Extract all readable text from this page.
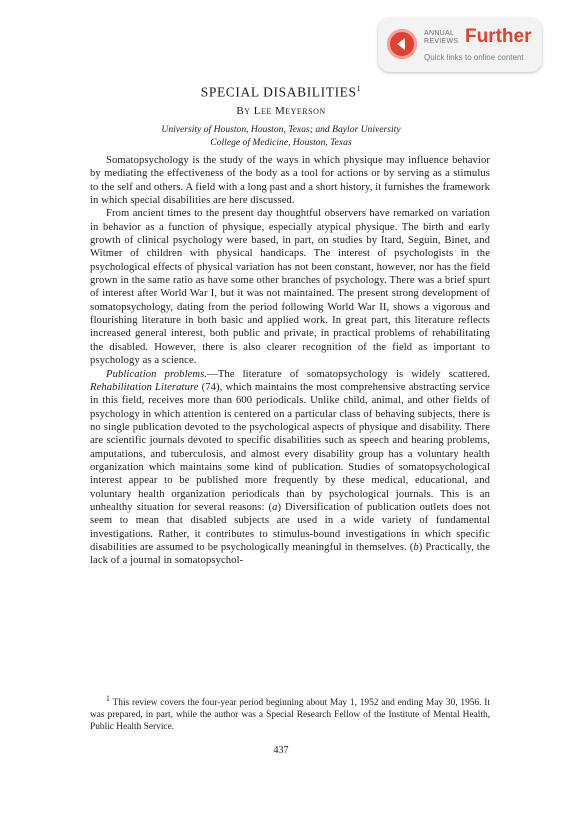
ANNUAL
REVIEWS Further
Quick links to online content
SPECIAL DISABILITIES$^1$
By Lee Meyerson
University of Houston, Houston, Texas; and Baylor University
College of Medicine, Houston, Texas

Somatopsychology is the study of the ways in which physique may influence behavior by mediating the effectiveness of the body as a tool for actions or by serving as a stimulus to the self and others. A field with a long past and a short history, it furnishes the framework in which special disabilities are here discussed.

From ancient times to the present day thoughtful observers have remarked on variation in behavior as a function of physique, especially atypical physique. The birth and early growth of clinical psychology were based, in part, on studies by Itard, Seguin, Binet, and Witmer of children with physical handicaps. The interest of psychologists in the psychological effects of physical variation has not been constant, however, nor has the field grown in the same ratio as have some other branches of psychology. There was a brief spurt of interest after World War I, but it was not maintained. The present strong development of somatopsychology, dating from the period following World War II, shows a vigorous and flourishing literature in both basic and applied work. In great part, this literature reflects increased general interest, both public and private, in practical problems of rehabilitating the disabled. However, there is also clearer recognition of the field as important to psychology as a science.

Publication problems.—The literature of somatopsychology is widely scattered. Rehabilitation Literature (74), which maintains the most comprehensive abstracting service in this field, receives more than 600 periodicals. Unlike child, animal, and other fields of psychology in which attention is centered on a particular class of behaving subjects, there is no single publication devoted to the psychological aspects of physique and disability. There are scientific journals devoted to specific disabilities such as speech and hearing problems, amputations, and tuberculosis, and almost every disability group has a voluntary health organization which maintains some kind of publication. Studies of somatopsychological interest appear to be published more frequently by these medical, educational, and voluntary health organization periodicals than by psychological journals. This is an unhealthy situation for several reasons: (a) Diversification of publication outlets does not seem to mean that disabled subjects are used in a wide variety of fundamental investigations. Rather, it contributes to stimulus-bound investigations in which specific disabilities are assumed to be psychologically meaningful in themselves. (b) Practically, the lack of a journal in somatopsychol-

$^1$ This review covers the four-year period beginning about May 1, 1952 and ending May 30, 1956. It was prepared, in part, while the author was a Special Research Fellow of the Institute of Mental Health, Public Health Service.

437
